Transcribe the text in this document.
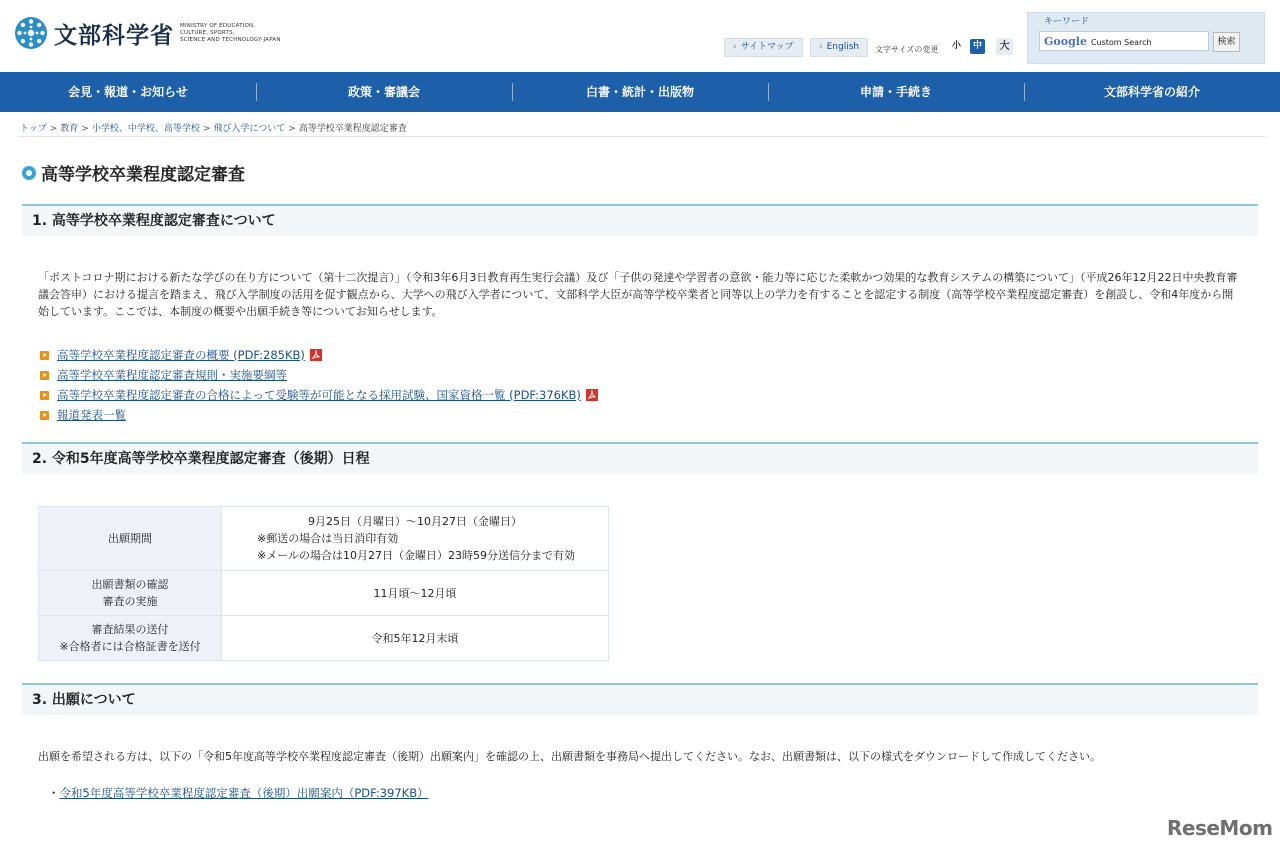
文部科学省 MINISTRY OF EDUCATION,
CULTURE, SPORTS,
SCIENCE AND TECHNOLOGY-JAPAN
› サイトマップ	› English	文字サイズの変更	小	中	大
キーワード
Google Custom Search	検索
会見・報道・お知らせ	政策・審議会	白書・統計・出版物	申請・手続き	文部科学省の紹介
トップ > 教育 > 小学校、中学校、高等学校 > 飛び入学について > 高等学校卒業程度認定審査
高等学校卒業程度認定審査
1. 高等学校卒業程度認定審査について

「ポストコロナ期における新たな学びの在り方について（第十二次提言）」（令和3年6月3日教育再生実行会議）及び「子供の発達や学習者の意欲・能力等に応じた柔軟かつ効果的な教育システムの構築について」（平成26年12月22日中央教育審議会答申）における提言を踏まえ、飛び入学制度の活用を促す観点から、大学への飛び入学者について、文部科学大臣が高等学校卒業者と同等以上の学力を有することを認定する制度（高等学校卒業程度認定審査）を創設し、令和4年度から開始しています。ここでは、本制度の概要や出願手続き等についてお知らせします。

高等学校卒業程度認定審査の概要 (PDF:285KB)
高等学校卒業程度認定審査規則・実施要綱等
高等学校卒業程度認定審査の合格によって受験等が可能となる採用試験、国家資格一覧 (PDF:376KB)
報道発表一覧
2. 令和5年度高等学校卒業程度認定審査（後期）日程
出願期間	9月25日（月曜日）～10月27日（金曜日）
※郵送の場合は当日消印有効
※メールの場合は10月27日（金曜日）23時59分送信分まで有効

出願書類の確認
審査の実施	11月頃～12月頃

審査結果の送付
※合格者には合格証書を送付	令和5年12月末頃
3. 出願について

出願を希望される方は、以下の「令和5年度高等学校卒業程度認定審査（後期）出願案内」を確認の上、出願書類を事務局へ提出してください。なお、出願書類は、以下の様式をダウンロードして作成してください。

・令和5年度高等学校卒業程度認定審査（後期）出願案内（PDF:397KB）
ReseMom
